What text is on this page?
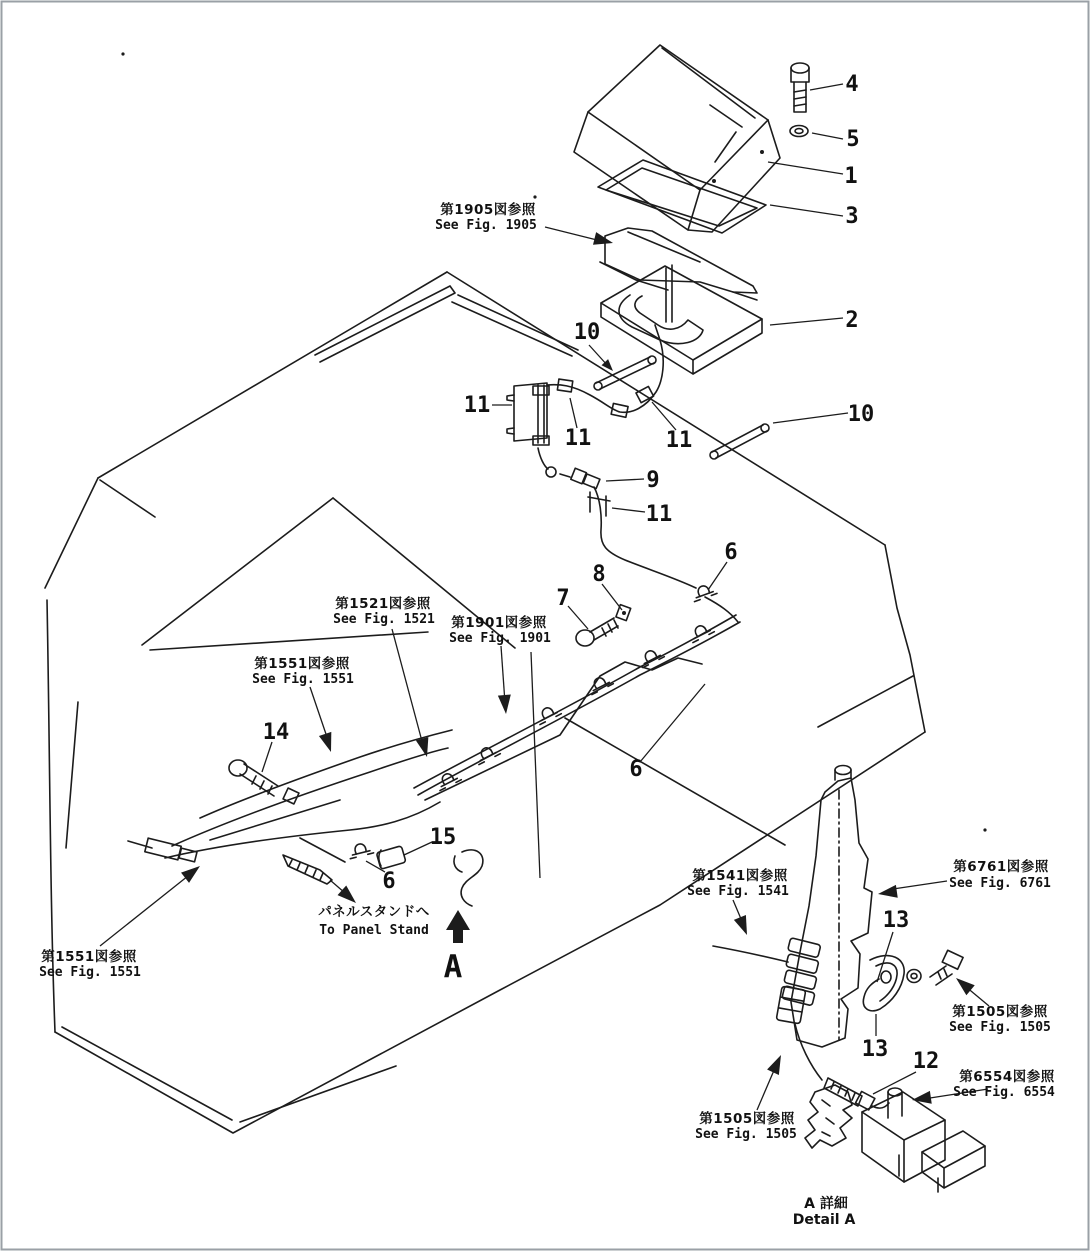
1
2
3
4
5
6
6
6
7
8
9
10
10
11
11	11
11
12
13
13
14
15
第1905図参照
See Fig. 1905
第1521図参照
See Fig. 1521 第1901図参照
See Fig. 1901
第1551図参照
See Fig. 1551
第1551図参照
See Fig. 1551
第1541図参照
See Fig. 1541
第6761図参照
See Fig. 6761
第1505図参照
See Fig. 1505
第1505図参照
See Fig. 1505
第6554図参照
See Fig. 6554
パネルスタンドへ
To Panel Stand
A
A 詳細
Detail A
